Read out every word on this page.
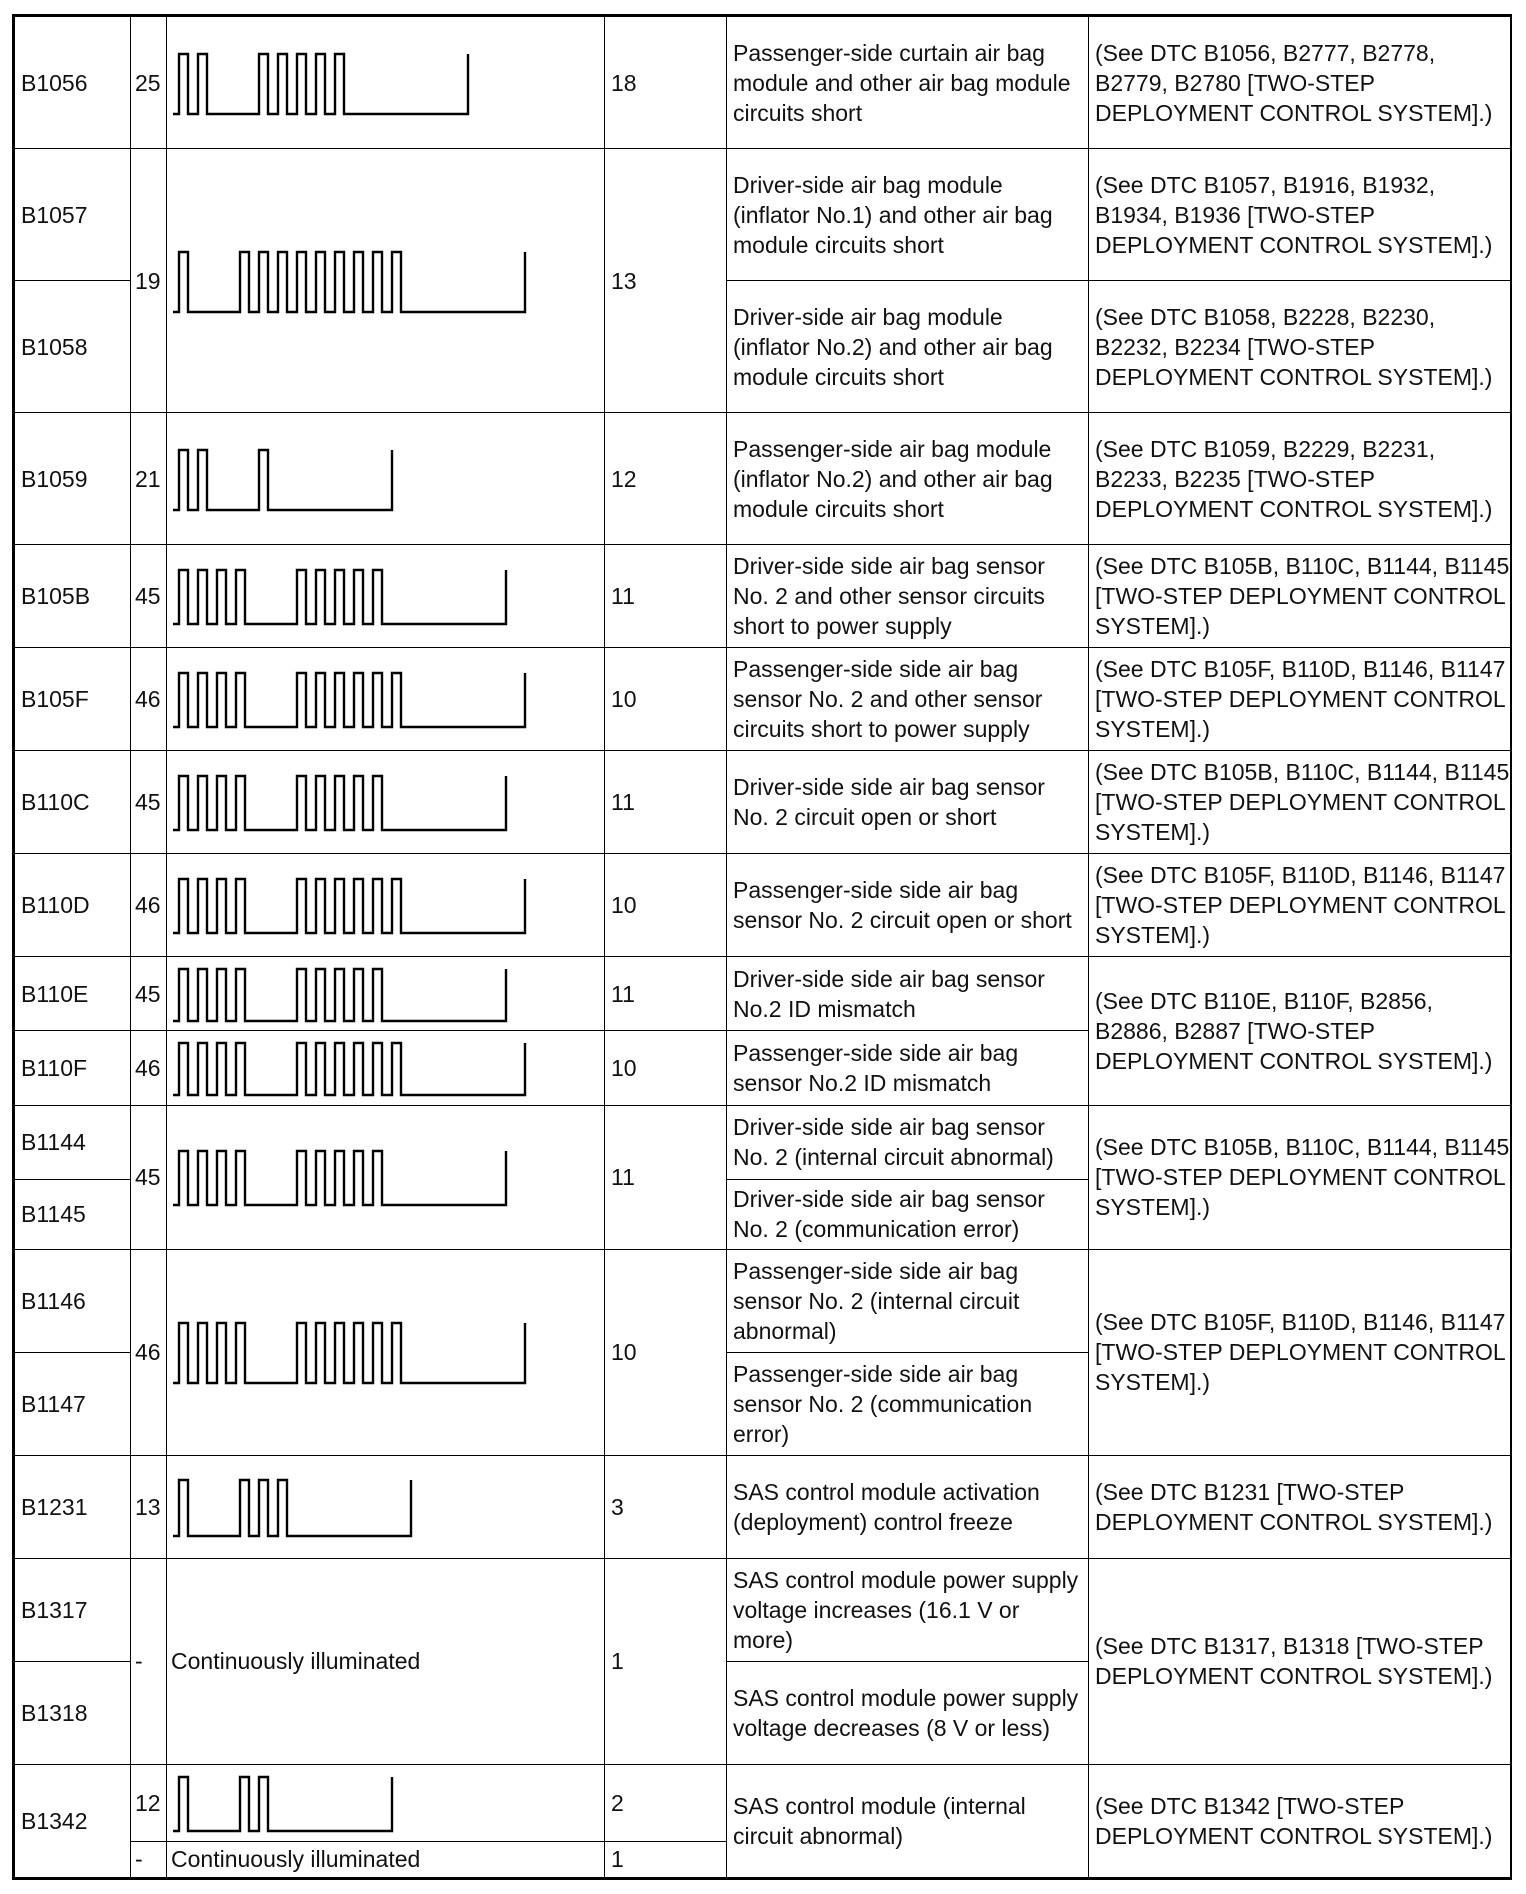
B1056	25		18	Passenger-side curtain air bag module and other air bag module circuits short	(See DTC B1056, B2777, B2778, B2779, B2780 [TWO-STEP DEPLOYMENT CONTROL SYSTEM].)
B1057	19		13	Driver-side air bag module (inflator No.1) and other air bag module circuits short	(See DTC B1057, B1916, B1932, B1934, B1936 [TWO-STEP DEPLOYMENT CONTROL SYSTEM].)
B1058				Driver-side air bag module (inflator No.2) and other air bag module circuits short	(See DTC B1058, B2228, B2230, B2232, B2234 [TWO-STEP DEPLOYMENT CONTROL SYSTEM].)
B1059	21		12	Passenger-side air bag module (inflator No.2) and other air bag module circuits short	(See DTC B1059, B2229, B2231, B2233, B2235 [TWO-STEP DEPLOYMENT CONTROL SYSTEM].)
B105B	45		11	Driver-side side air bag sensor No. 2 and other sensor circuits short to power supply	(See DTC B105B, B110C, B1144, B1145 [TWO-STEP DEPLOYMENT CONTROL SYSTEM].)
B105F	46		10	Passenger-side side air bag sensor No. 2 and other sensor circuits short to power supply	(See DTC B105F, B110D, B1146, B1147 [TWO-STEP DEPLOYMENT CONTROL SYSTEM].)
B110C	45		11	Driver-side side air bag sensor No. 2 circuit open or short	(See DTC B105B, B110C, B1144, B1145 [TWO-STEP DEPLOYMENT CONTROL SYSTEM].)
B110D	46		10	Passenger-side side air bag sensor No. 2 circuit open or short	(See DTC B105F, B110D, B1146, B1147 [TWO-STEP DEPLOYMENT CONTROL SYSTEM].)
B110E	45		11	Driver-side side air bag sensor No.2 ID mismatch	(See DTC B110E, B110F, B2856, B2886, B2887 [TWO-STEP DEPLOYMENT CONTROL SYSTEM].)
B110F	46		10	Passenger-side side air bag sensor No.2 ID mismatch	
B1144	45		11	Driver-side side air bag sensor No. 2 (internal circuit abnormal)	(See DTC B105B, B110C, B1144, B1145 [TWO-STEP DEPLOYMENT CONTROL SYSTEM].)
B1145				Driver-side side air bag sensor No. 2 (communication error)	
B1146	46		10	Passenger-side side air bag sensor No. 2 (internal circuit abnormal)	(See DTC B105F, B110D, B1146, B1147 [TWO-STEP DEPLOYMENT CONTROL SYSTEM].)
B1147				Passenger-side side air bag sensor No. 2 (communication error)	
B1231	13		3	SAS control module activation (deployment) control freeze	(See DTC B1231 [TWO-STEP DEPLOYMENT CONTROL SYSTEM].)
B1317	-	Continuously illuminated	1	SAS control module power supply voltage increases (16.1 V or more)	(See DTC B1317, B1318 [TWO-STEP DEPLOYMENT CONTROL SYSTEM].)
B1318				SAS control module power supply voltage decreases (8 V or less)	
B1342	12		2	SAS control module (internal circuit abnormal)	(See DTC B1342 [TWO-STEP DEPLOYMENT CONTROL SYSTEM].)
	-	Continuously illuminated	1		
